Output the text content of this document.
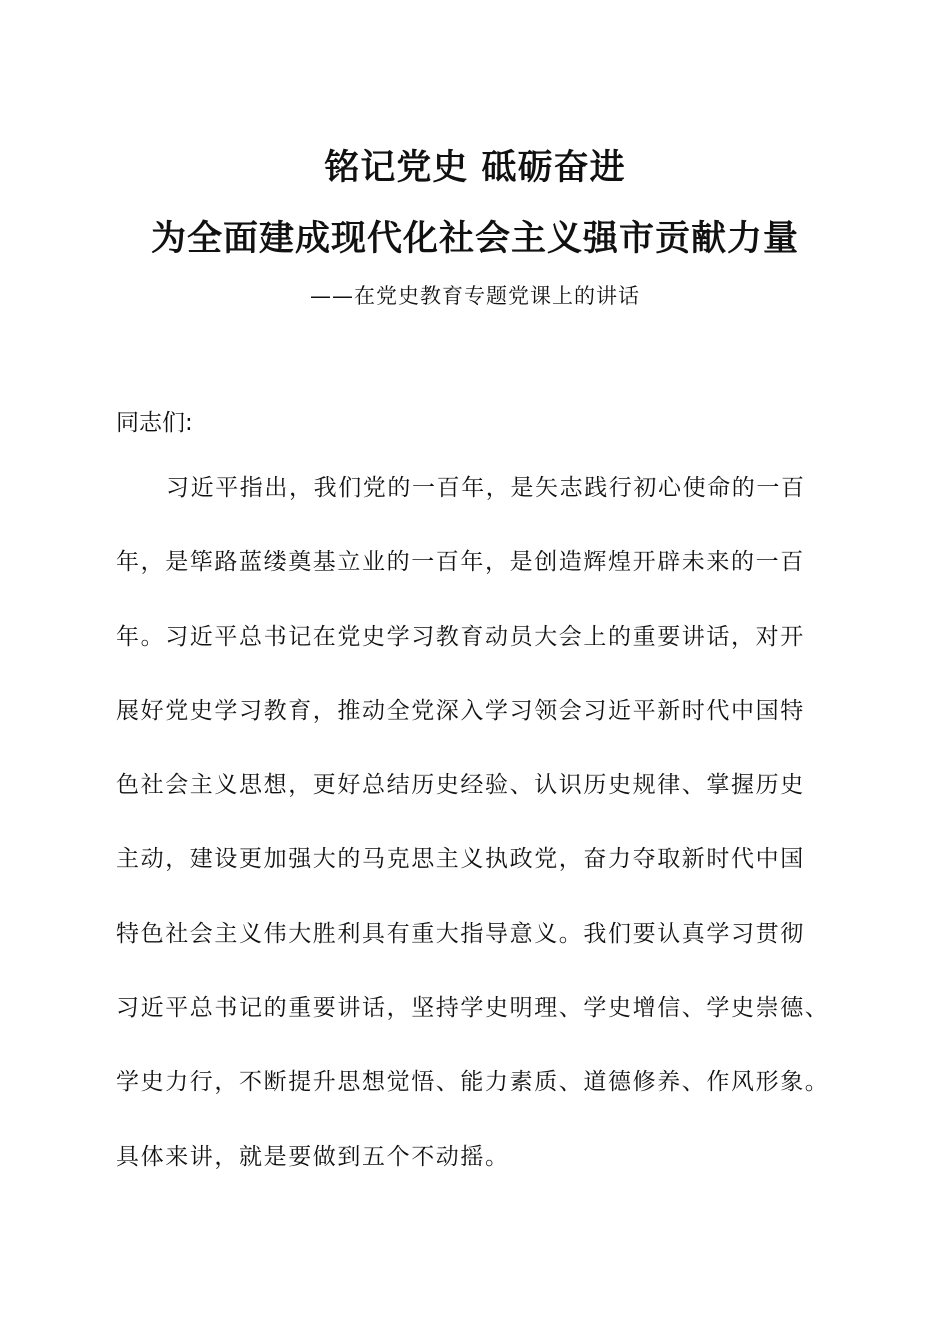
铭记党史 砥砺奋进
为全面建成现代化社会主义强市贡献力量
——在党史教育专题党课上的讲话
同志们:
习近平指出，我们党的一百年，是矢志践行初心使命的一百
年，是筚路蓝缕奠基立业的一百年，是创造辉煌开辟未来的一百
年。习近平总书记在党史学习教育动员大会上的重要讲话，对开
展好党史学习教育，推动全党深入学习领会习近平新时代中国特
色社会主义思想，更好总结历史经验、认识历史规律、掌握历史
主动，建设更加强大的马克思主义执政党，奋力夺取新时代中国
特色社会主义伟大胜利具有重大指导意义。我们要认真学习贯彻
习近平总书记的重要讲话，坚持学史明理、学史增信、学史崇德、
学史力行，不断提升思想觉悟、能力素质、道德修养、作风形象。
具体来讲，就是要做到五个不动摇。
